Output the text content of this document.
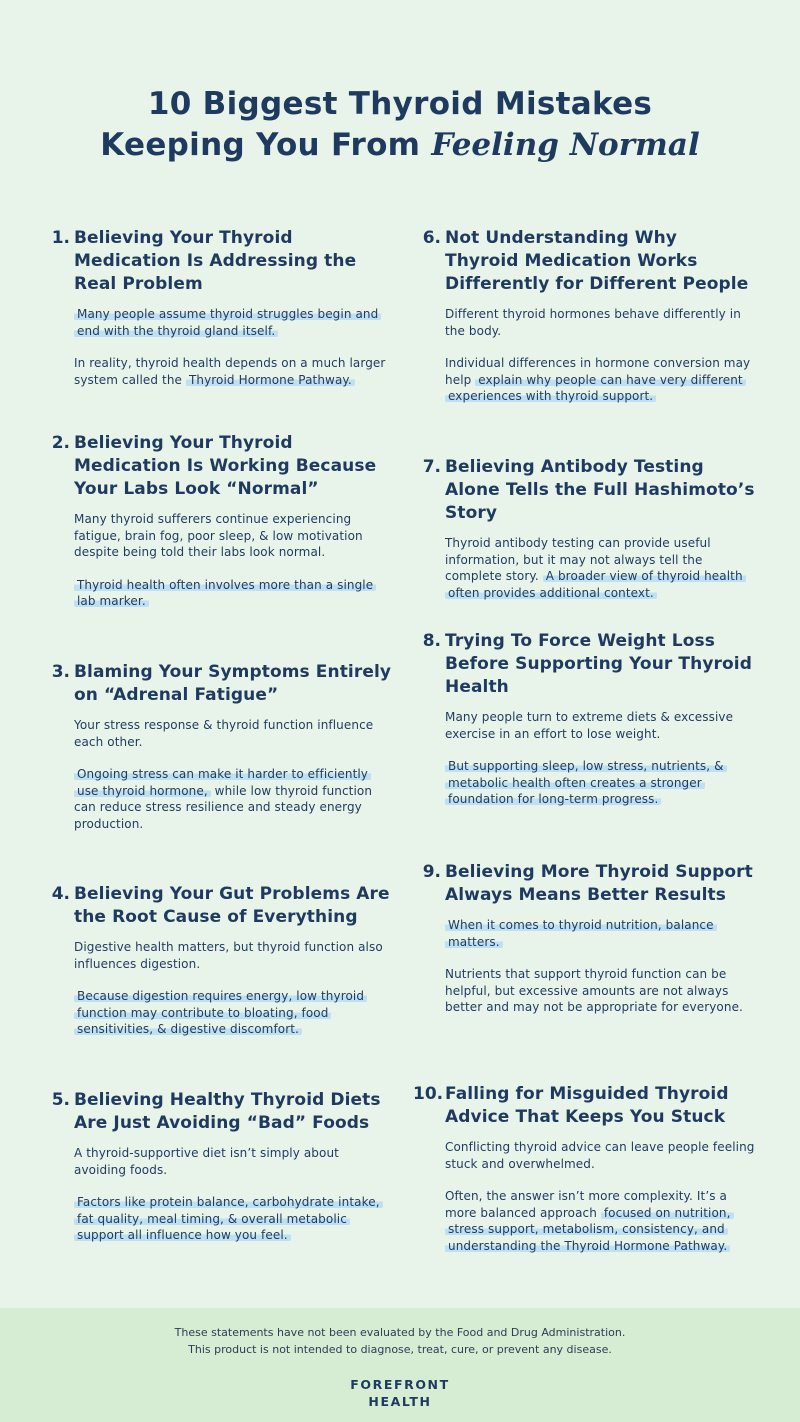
10 Biggest Thyroid Mistakes
Keeping You From Feeling Normal
1. Believing Your Thyroid Medication Is Addressing the Real Problem

Many people assume thyroid struggles begin and end with the thyroid gland itself.

In reality, thyroid health depends on a much larger system called the Thyroid Hormone Pathway.

2. Believing Your Thyroid Medication Is Working Because Your Labs Look “Normal”

Many thyroid sufferers continue experiencing fatigue, brain fog, poor sleep, & low motivation despite being told their labs look normal.

Thyroid health often involves more than a single lab marker.

3. Blaming Your Symptoms Entirely on “Adrenal Fatigue”

Your stress response & thyroid function influence each other.

Ongoing stress can make it harder to efficiently use thyroid hormone, while low thyroid function can reduce stress resilience and steady energy production.

4. Believing Your Gut Problems Are the Root Cause of Everything

Digestive health matters, but thyroid function also influences digestion.

Because digestion requires energy, low thyroid function may contribute to bloating, food sensitivities, & digestive discomfort.

5. Believing Healthy Thyroid Diets Are Just Avoiding “Bad” Foods

A thyroid-supportive diet isn’t simply about avoiding foods.

Factors like protein balance, carbohydrate intake, fat quality, meal timing, & overall metabolic support all influence how you feel.

6. Not Understanding Why Thyroid Medication Works Differently for Different People

Different thyroid hormones behave differently in the body.

Individual differences in hormone conversion may help explain why people can have very different experiences with thyroid support.

7. Believing Antibody Testing Alone Tells the Full Hashimoto’s Story

Thyroid antibody testing can provide useful information, but it may not always tell the complete story. A broader view of thyroid health often provides additional context.

8. Trying To Force Weight Loss Before Supporting Your Thyroid Health

Many people turn to extreme diets & excessive exercise in an effort to lose weight.

But supporting sleep, low stress, nutrients, & metabolic health often creates a stronger foundation for long-term progress.

9. Believing More Thyroid Support Always Means Better Results

When it comes to thyroid nutrition, balance matters.

Nutrients that support thyroid function can be helpful, but excessive amounts are not always better and may not be appropriate for everyone.

10. Falling for Misguided Thyroid Advice That Keeps You Stuck

Conflicting thyroid advice can leave people feeling stuck and overwhelmed.

Often, the answer isn’t more complexity. It’s a more balanced approach focused on nutrition, stress support, metabolism, consistency, and understanding the Thyroid Hormone Pathway.

These statements have not been evaluated by the Food and Drug Administration.
This product is not intended to diagnose, treat, cure, or prevent any disease.
FOREFRONT
HEALTH
